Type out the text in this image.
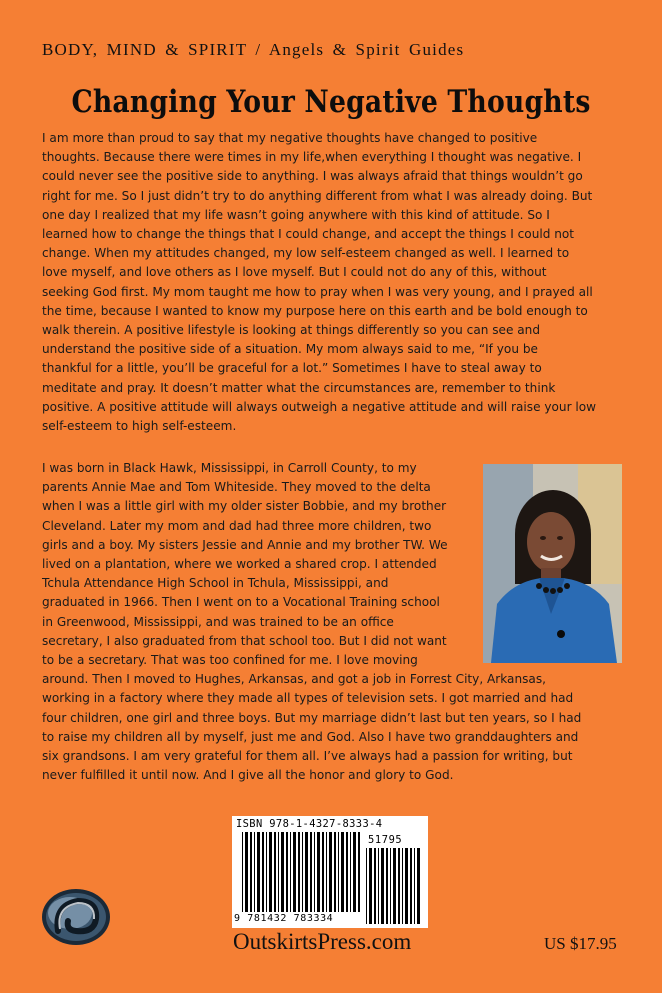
BODY, MIND & SPIRIT / Angels & Spirit Guides
Changing Your Negative Thoughts
I am more than proud to say that my negative thoughts have changed to positive
thoughts. Because there were times in my life,when everything I thought was negative. I
could never see the positive side to anything. I was always afraid that things wouldn’t go
right for me. So I just didn’t try to do anything different from what I was already doing. But
one day I realized that my life wasn’t going anywhere with this kind of attitude. So I
learned how to change the things that I could change, and accept the things I could not
change. When my attitudes changed, my low self-esteem changed as well. I learned to
love myself, and love others as I love myself. But I could not do any of this, without
seeking God first. My mom taught me how to pray when I was very young, and I prayed all
the time, because I wanted to know my purpose here on this earth and be bold enough to
walk therein. A positive lifestyle is looking at things differently so you can see and
understand the positive side of a situation. My mom always said to me, “If you be
thankful for a little, you’ll be graceful for a lot.” Sometimes I have to steal away to
meditate and pray. It doesn’t matter what the circumstances are, remember to think
positive. A positive attitude will always outweigh a negative attitude and will raise your low
self-esteem to high self-esteem.
I was born in Black Hawk, Mississippi, in Carroll County, to my
parents Annie Mae and Tom Whiteside. They moved to the delta
when I was a little girl with my older sister Bobbie, and my brother
Cleveland. Later my mom and dad had three more children, two
girls and a boy. My sisters Jessie and Annie and my brother TW. We
lived on a plantation, where we worked a shared crop. I attended
Tchula Attendance High School in Tchula, Mississippi, and
graduated in 1966. Then I went on to a Vocational Training school
in Greenwood, Mississippi, and was trained to be an office
secretary, I also graduated from that school too. But I did not want
to be a secretary. That was too confined for me. I love moving
around. Then I moved to Hughes, Arkansas, and got a job in Forrest City, Arkansas,
working in a factory where they made all types of television sets. I got married and had
four children, one girl and three boys. But my marriage didn’t last but ten years, so I had
to raise my children all by myself, just me and God. Also I have two granddaughters and
six grandsons. I am very grateful for them all. I’ve always had a passion for writing, but
never fulfilled it until now. And I give all the honor and glory to God.
ISBN 978-1-4327-8333-4
51795
9 781432 783334
OutskirtsPress.com	US $17.95
